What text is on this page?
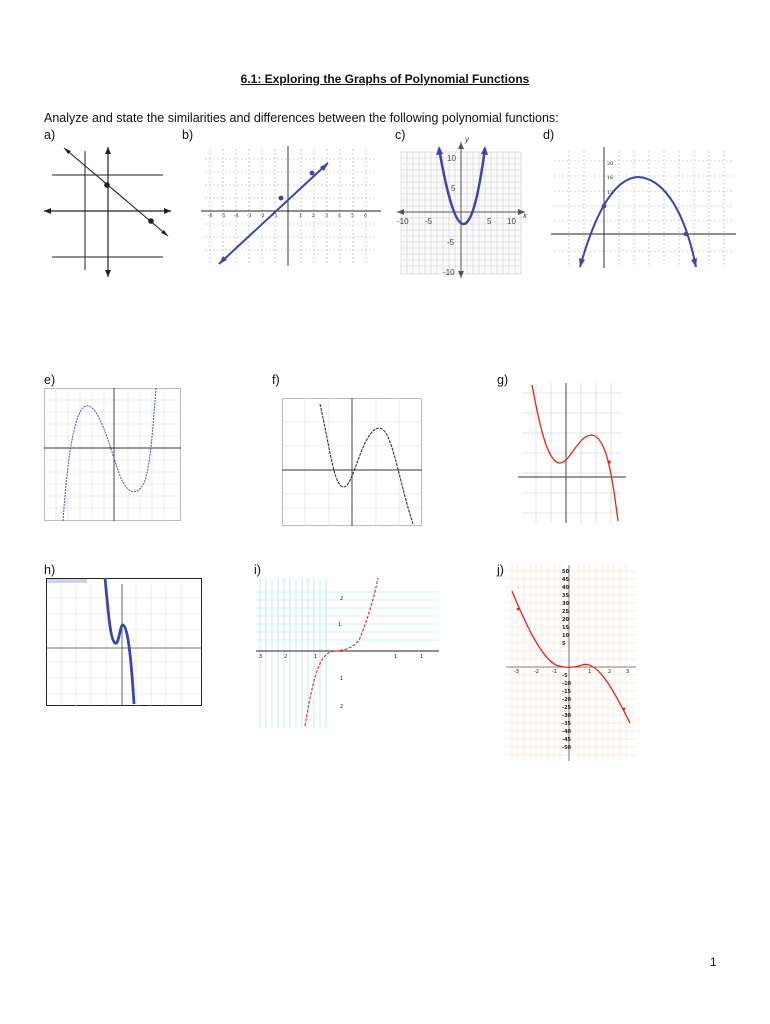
6.1: Exploring the Graphs of Polynomial Functions
Analyze and state the similarities and differences between the following polynomial functions:
a)	b)	c)	d)
e)	f)	g)
h)	i)	j)
-6 -5 -4 -3 -2 -1	1 2 3 4 5 6
y
x
10
5
-5
-10
-10 -5	5 10
20
16
12
2
1
1
2
3	2	1	1	1
50
45
40
35
30
25
20
15
10
5
-5
-10
-15
-20
-25
-30
-35
-40
-45
-50
-3	-2	-1	1	2	3
1
